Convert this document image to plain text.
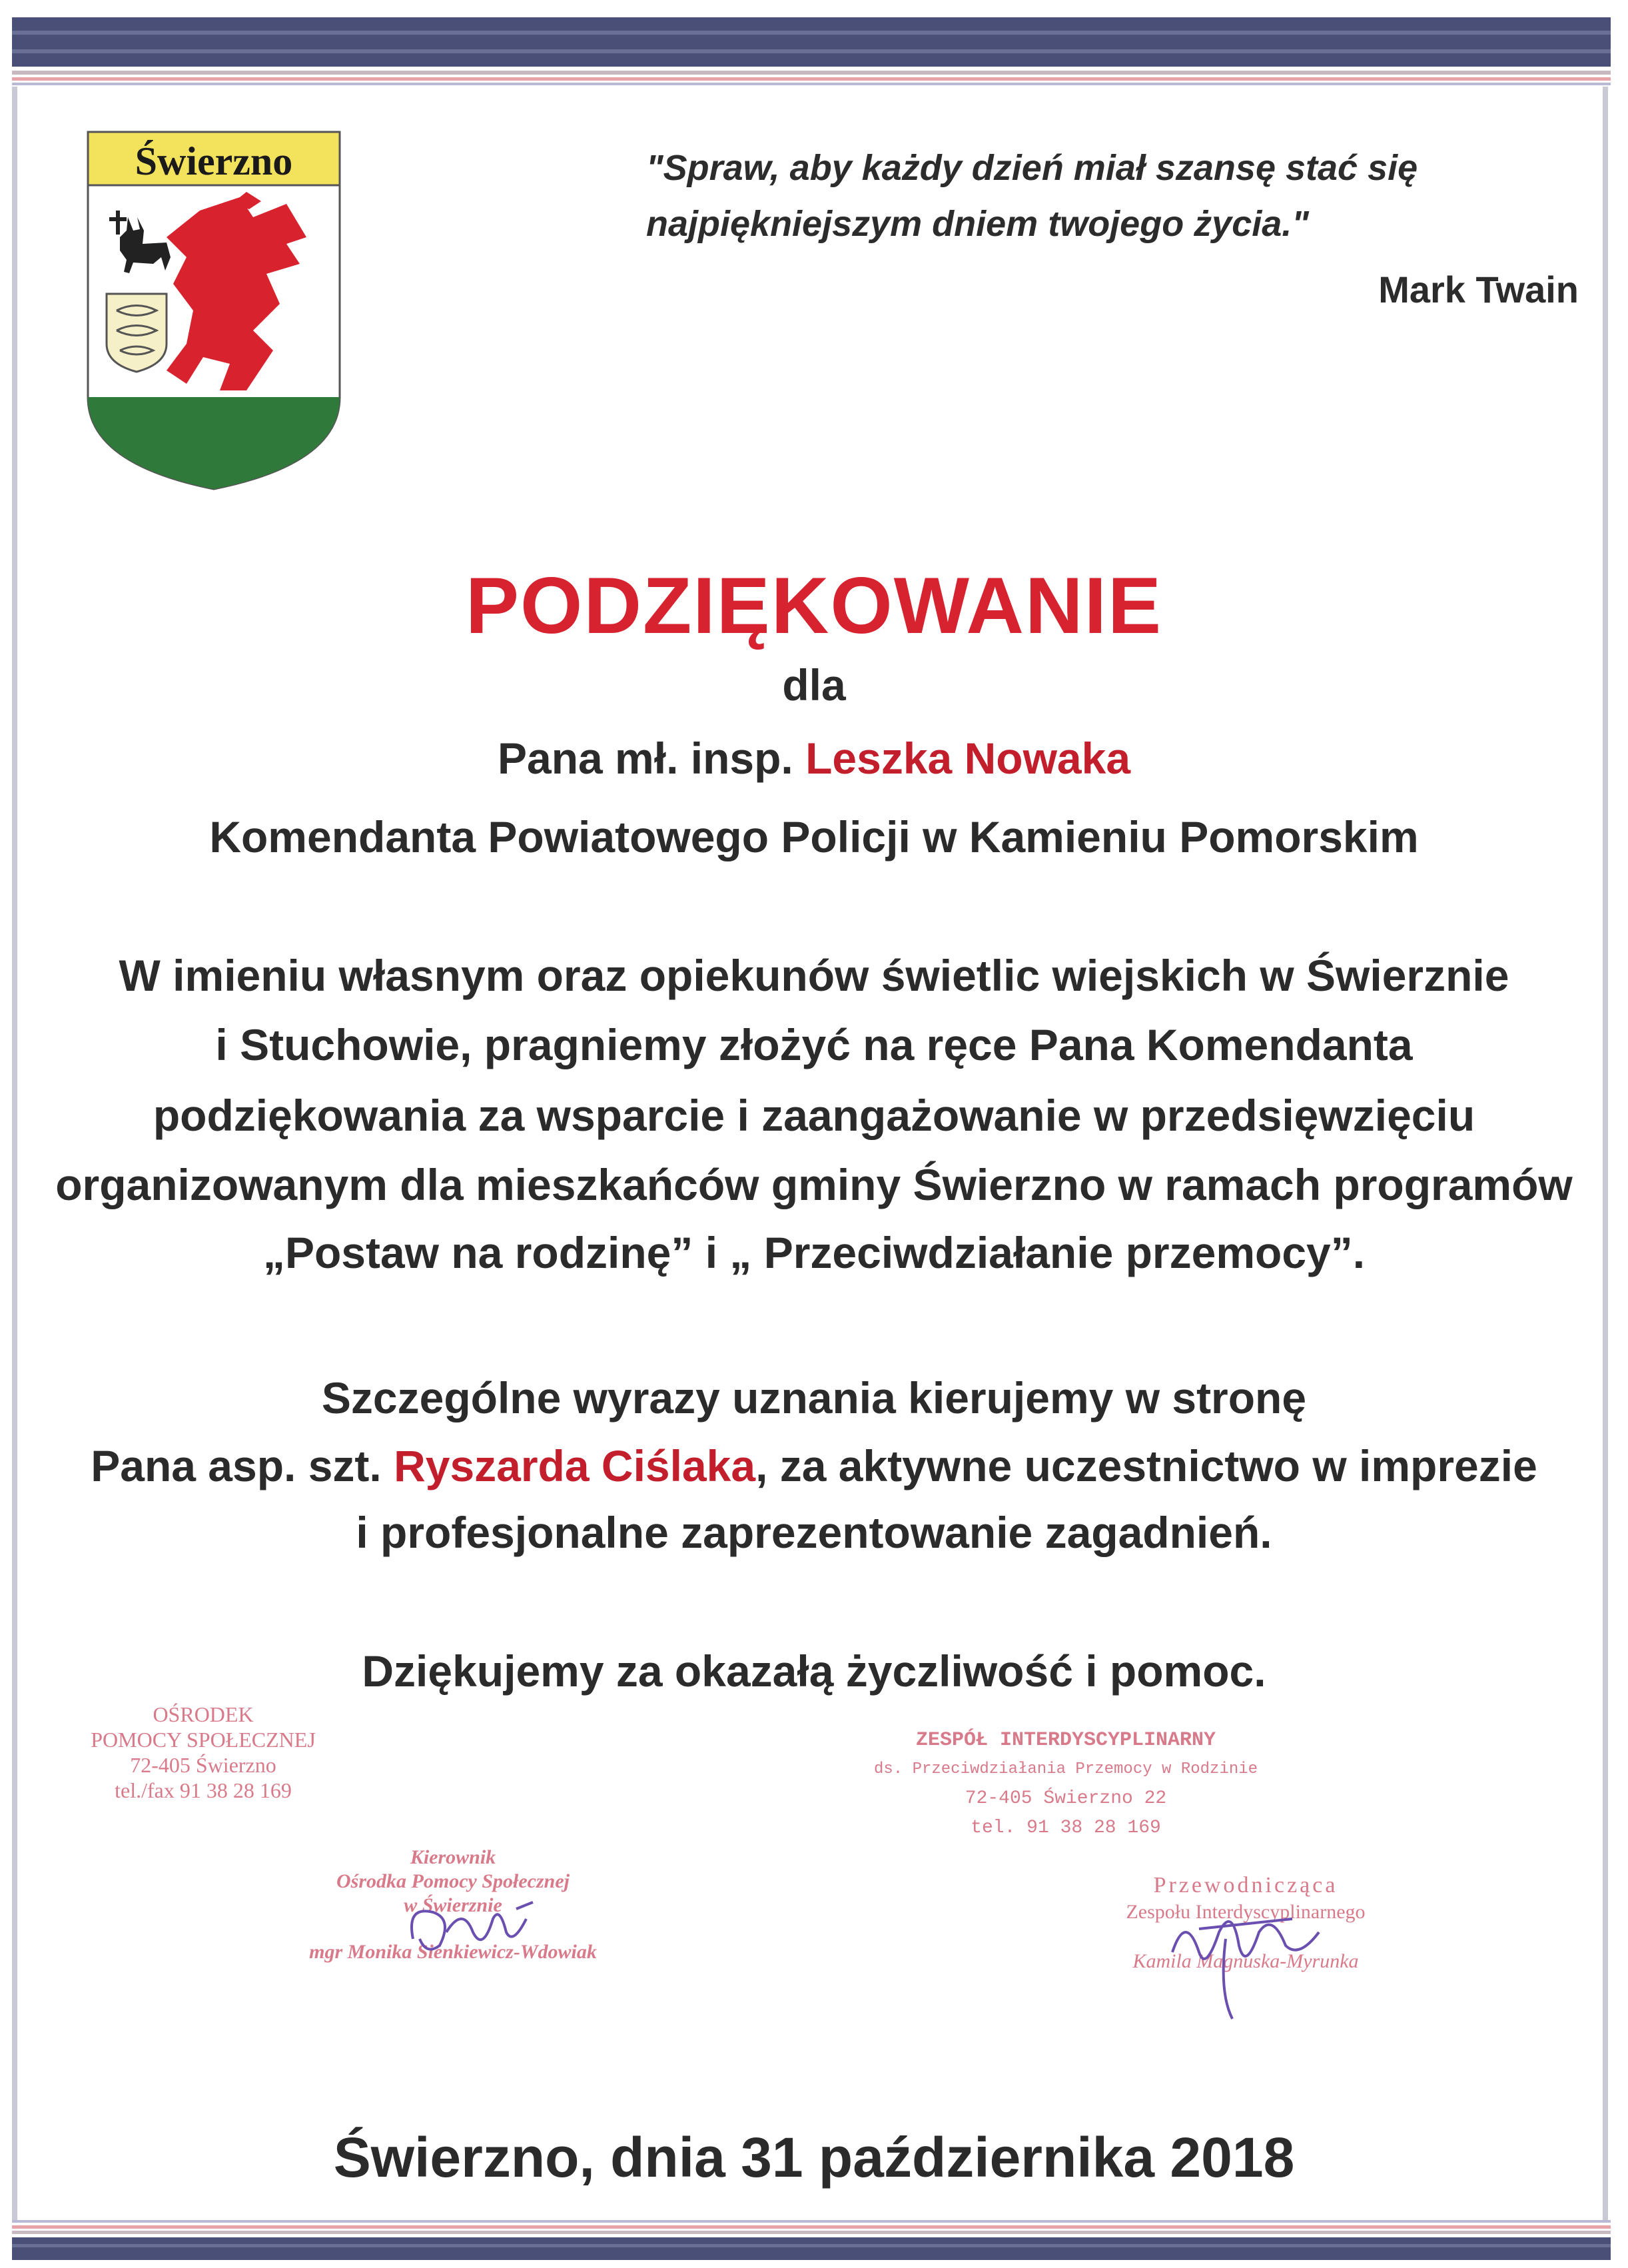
Świerzno	"Spraw, aby każdy dzień miał szansę stać się
najpiękniejszym dniem twojego życia."
Mark Twain
PODZIĘKOWANIE
dla
Pana mł. insp. Leszka Nowaka
Komendanta Powiatowego Policji w Kamieniu Pomorskim
W imieniu własnym oraz opiekunów świetlic wiejskich w Świerznie
i Stuchowie, pragniemy złożyć na ręce Pana Komendanta
podziękowania za wsparcie i zaangażowanie w przedsięwzięciu
organizowanym dla mieszkańców gminy Świerzno w ramach programów
„Postaw na rodzinę” i „ Przeciwdziałanie przemocy”.
Szczególne wyrazy uznania kierujemy w stronę
Pana asp. szt. Ryszarda Ciślaka, za aktywne uczestnictwo w imprezie
i profesjonalne zaprezentowanie zagadnień.
Dziękujemy za okazałą życzliwość i pomoc.
OŚRODEK
POMOCY SPOŁECZNEJ
72-405 Świerzno
tel./fax 91 38 28 169
Kierownik
Ośrodka Pomocy Społecznej
w Świerznie
mgr Monika Sienkiewicz-Wdowiak
ZESPÓŁ INTERDYSCYPLINARNY
ds. Przeciwdziałania Przemocy w Rodzinie
72-405 Świerzno 22
tel. 91 38 28 169
Przewodnicząca
Zespołu Interdyscyplinarnego
Kamila Magnuska-Myrunka
Świerzno, dnia 31 października 2018
